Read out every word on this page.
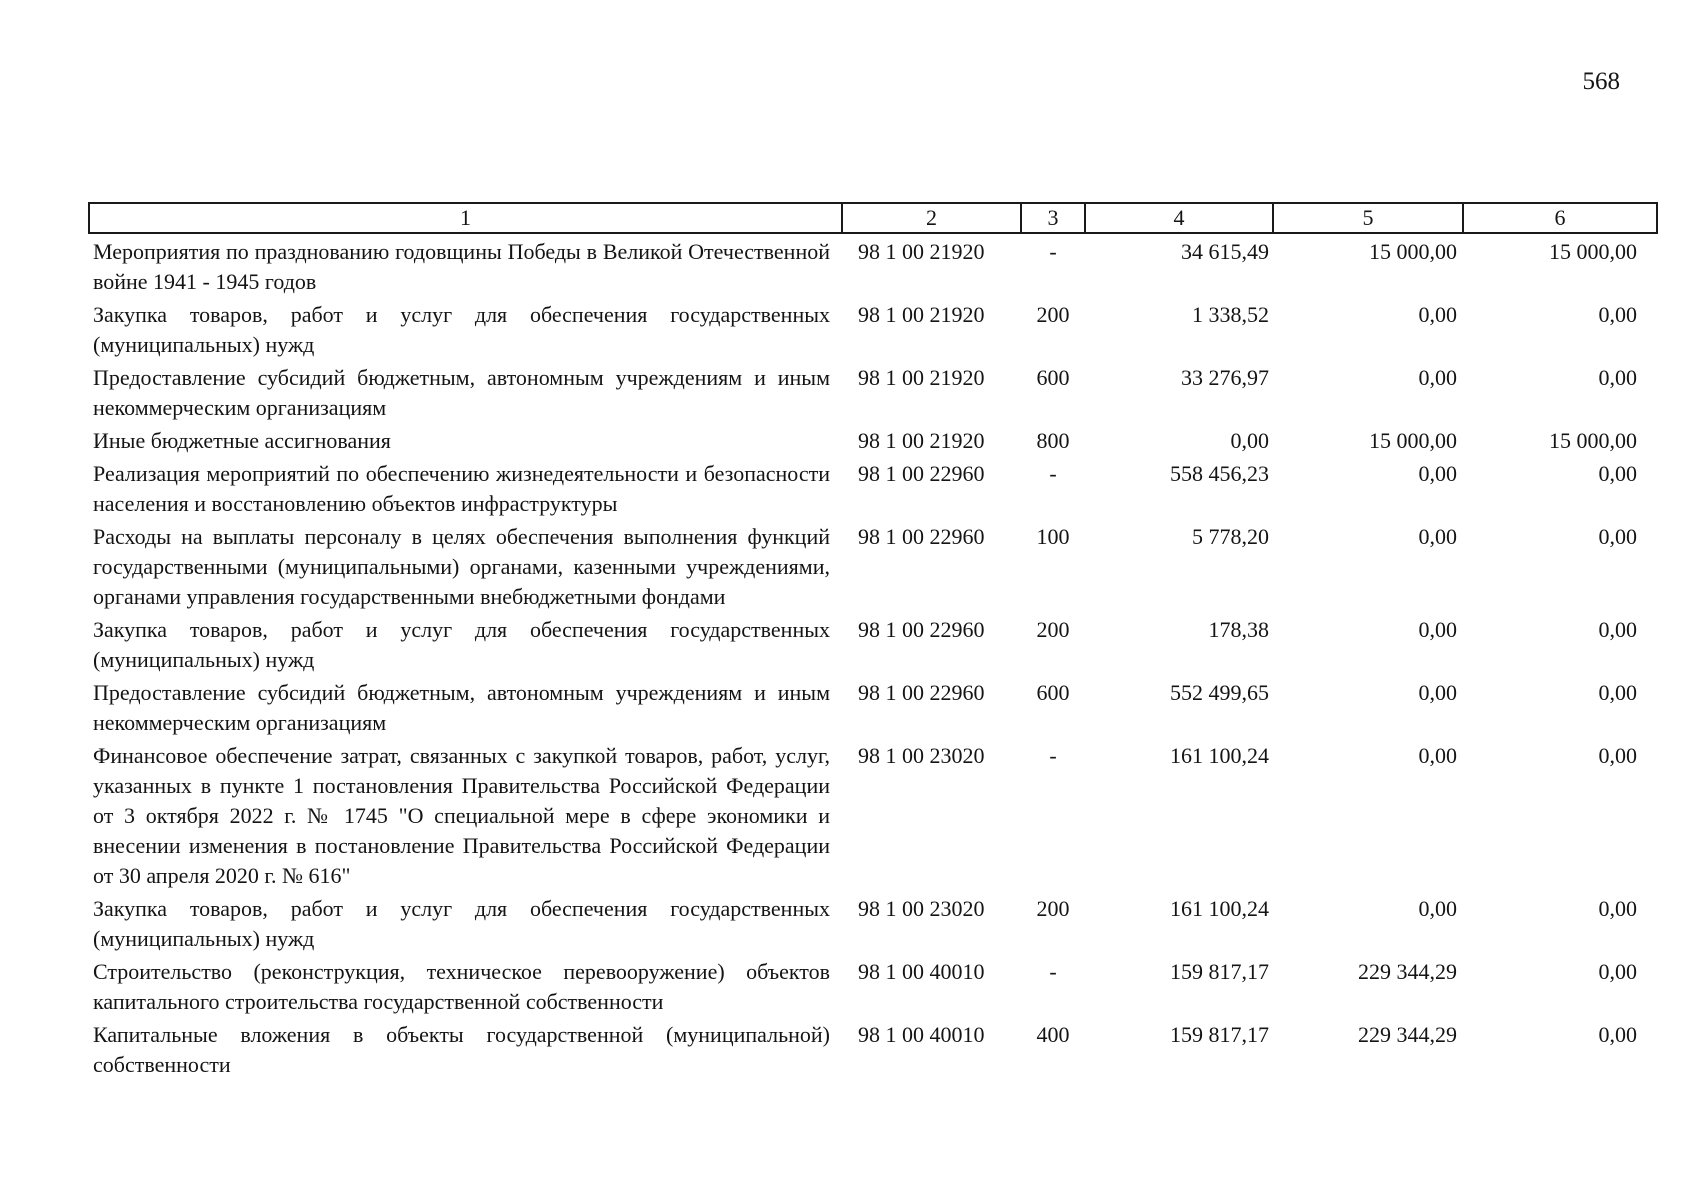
568
1	2	3	4	5	6
Мероприятия по празднованию годовщины Победы в Великой Отечественной войне 1941 - 1945 годов	98 1 00 21920	-	34 615,49	15 000,00	15 000,00
Закупка товаров, работ и услуг для обеспечения государственных (муниципальных) нужд	98 1 00 21920	200	1 338,52	0,00	0,00
Предоставление субсидий бюджетным, автономным учреждениям и иным некоммерческим организациям	98 1 00 21920	600	33 276,97	0,00	0,00
Иные бюджетные ассигнования	98 1 00 21920	800	0,00	15 000,00	15 000,00
Реализация мероприятий по обеспечению жизнедеятельности и безопасности населения и восстановлению объектов инфраструктуры	98 1 00 22960	-	558 456,23	0,00	0,00
Расходы на выплаты персоналу в целях обеспечения выполнения функций государственными (муниципальными) органами, казенными учреждениями, органами управления государственными внебюджетными фондами	98 1 00 22960	100	5 778,20	0,00	0,00
Закупка товаров, работ и услуг для обеспечения государственных (муниципальных) нужд	98 1 00 22960	200	178,38	0,00	0,00
Предоставление субсидий бюджетным, автономным учреждениям и иным некоммерческим организациям	98 1 00 22960	600	552 499,65	0,00	0,00
Финансовое обеспечение затрат, связанных с закупкой товаров, работ, услуг, указанных в пункте 1 постановления Правительства Российской Федерации от 3 октября 2022 г. № 1745 "О специальной мере в сфере экономики и внесении изменения в постановление Правительства Российской Федерации от 30 апреля 2020 г. № 616"	98 1 00 23020	-	161 100,24	0,00	0,00
Закупка товаров, работ и услуг для обеспечения государственных (муниципальных) нужд	98 1 00 23020	200	161 100,24	0,00	0,00
Строительство (реконструкция, техническое перевооружение) объектов капитального строительства государственной собственности	98 1 00 40010	-	159 817,17	229 344,29	0,00
Капитальные вложения в объекты государственной (муниципальной) собственности	98 1 00 40010	400	159 817,17	229 344,29	0,00
